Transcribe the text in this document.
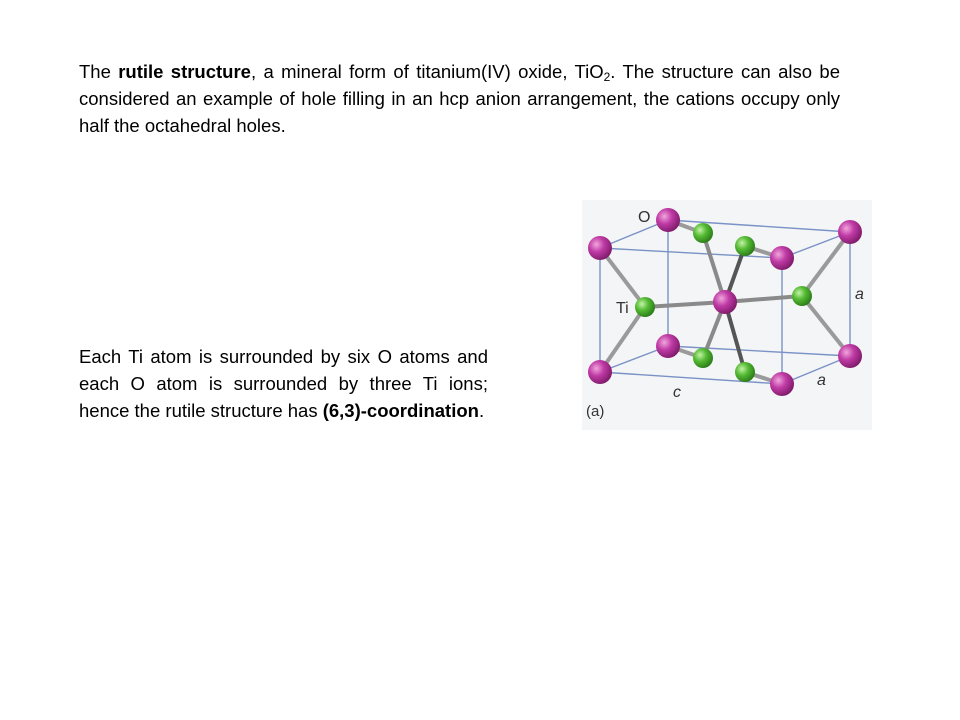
The rutile structure, a mineral form of titanium(IV) oxide, TiO$_2$. The structure can also be considered an example of hole filling in an hcp anion arrangement, the cations occupy only half the octahedral holes.
Each Ti atom is surrounded by six O atoms and each O atom is surrounded by three Ti ions; hence the rutile structure has (6,3)-coordination.
O
Ti
a
a
c
(a)
